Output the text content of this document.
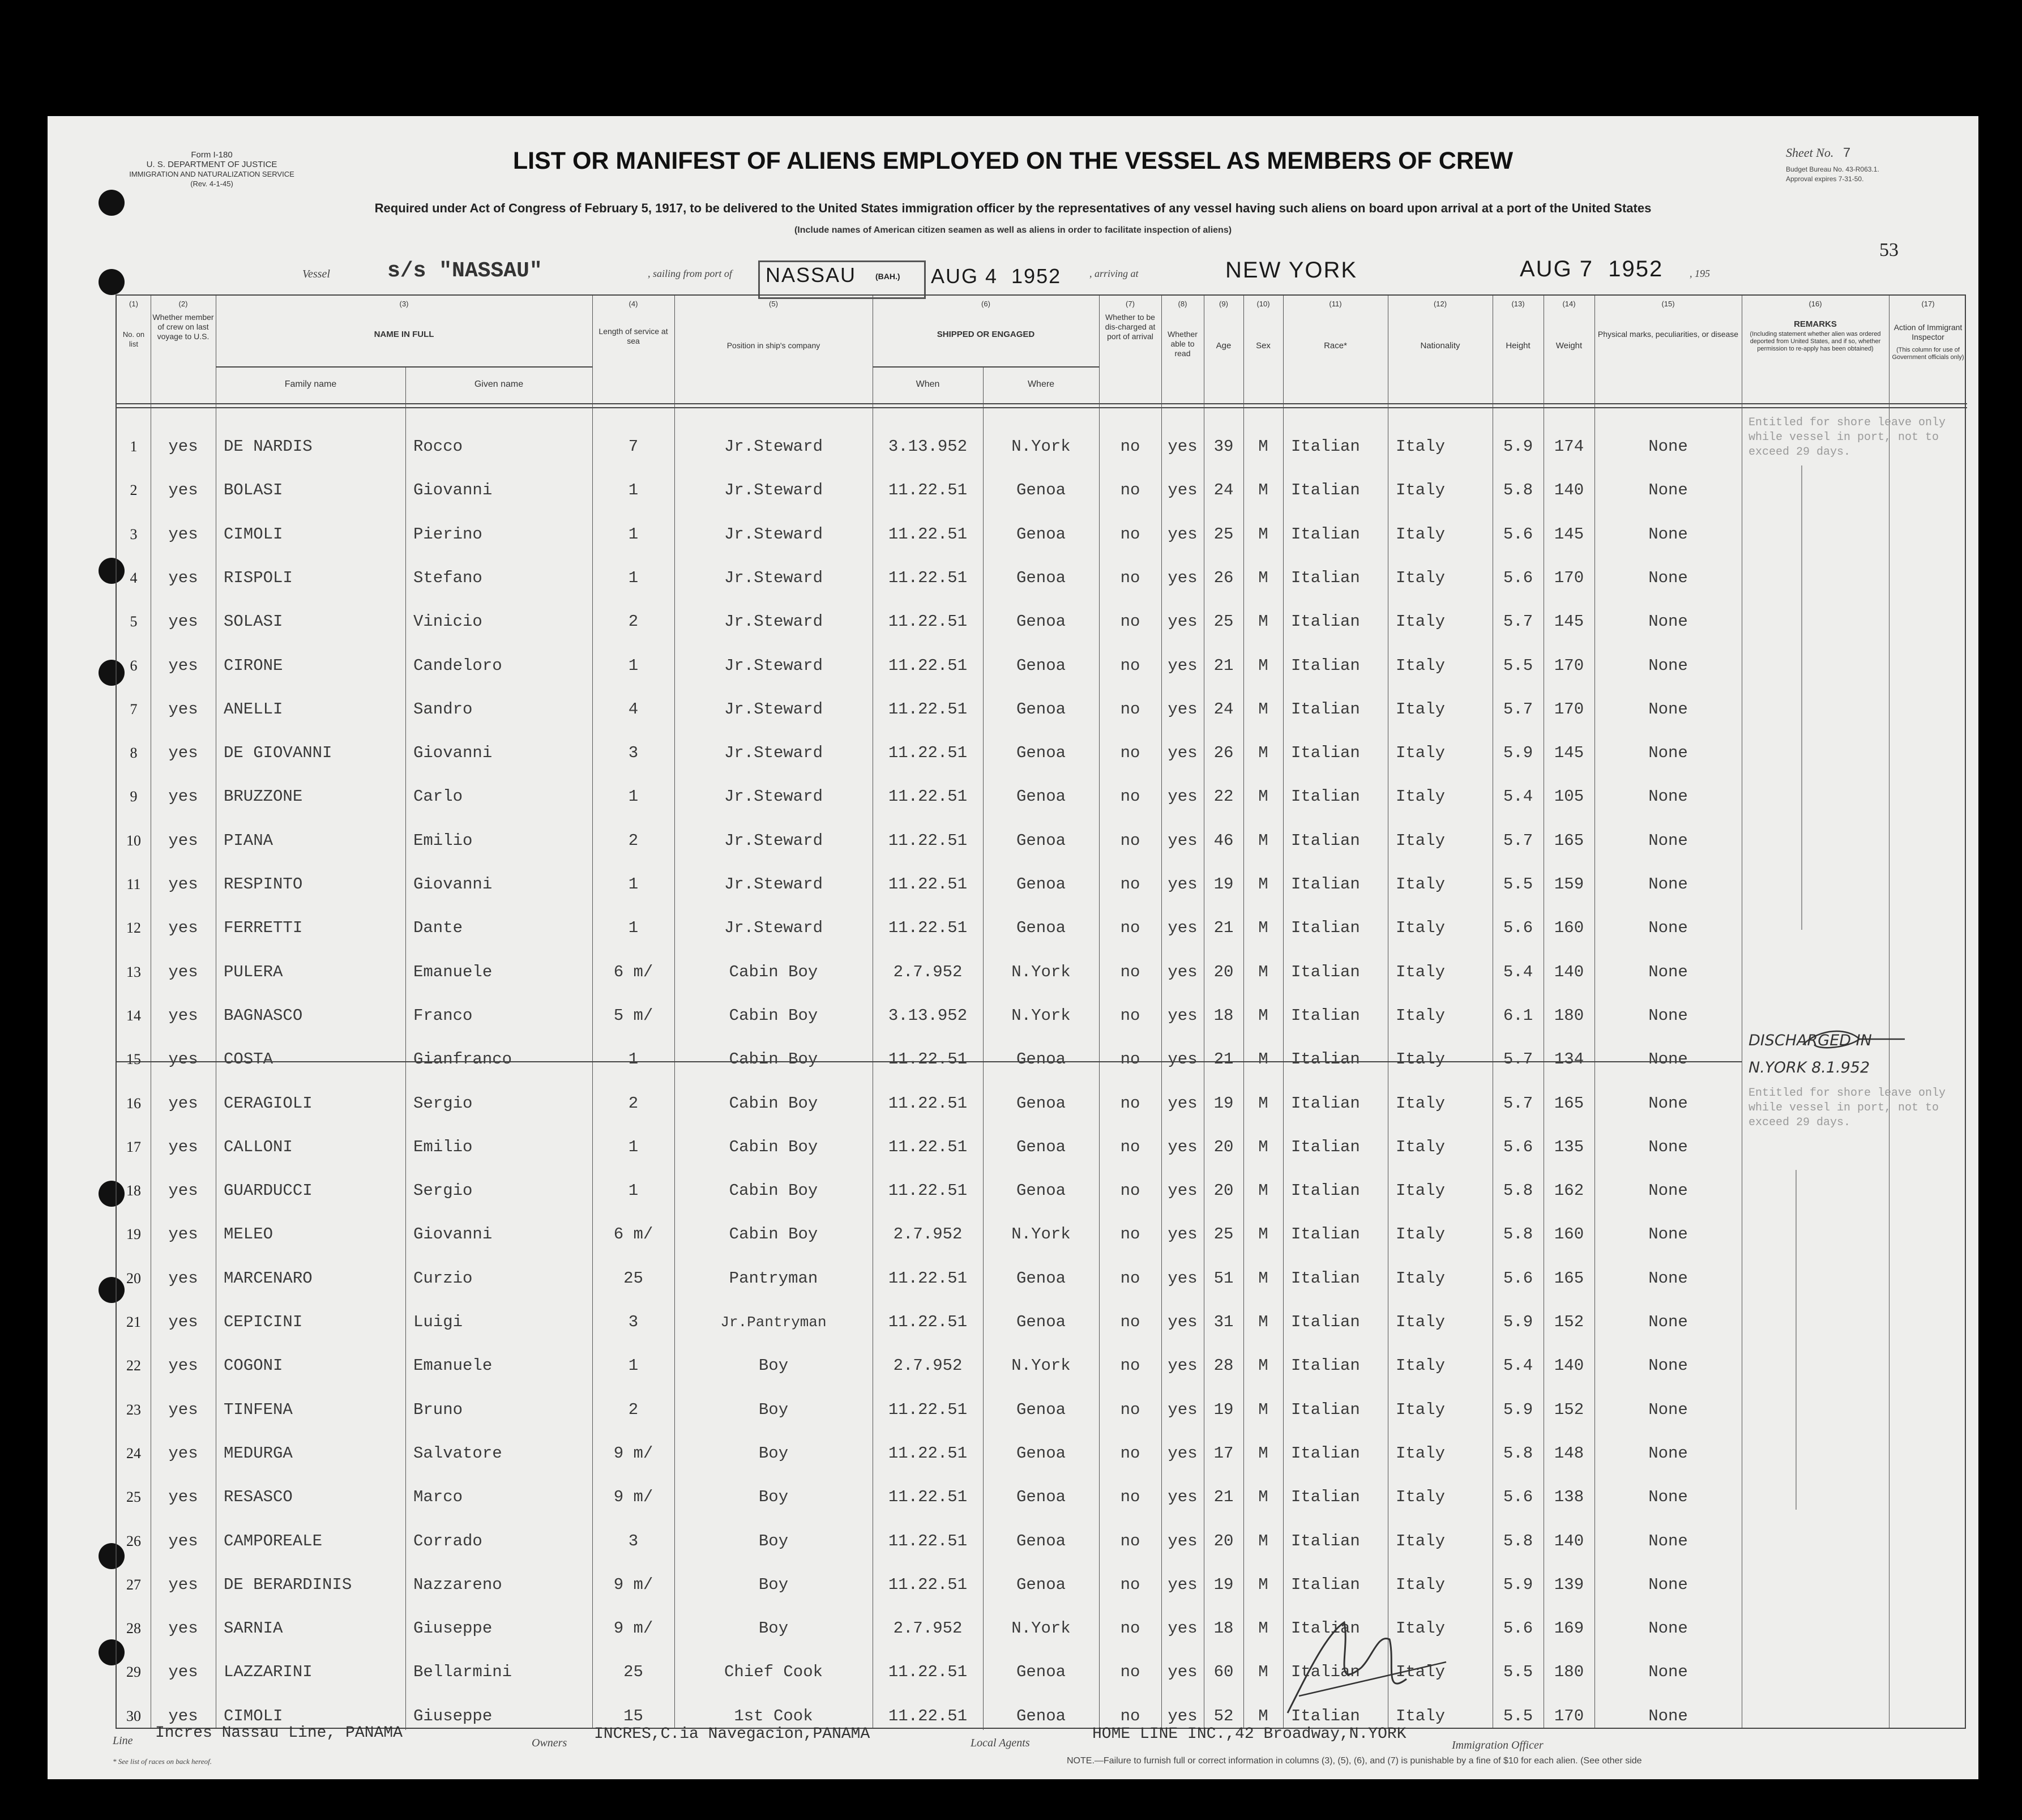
Form I-180
U. S. DEPARTMENT OF JUSTICE
IMMIGRATION AND NATURALIZATION SERVICE
(Rev. 4-1-45)
LIST OR MANIFEST OF ALIENS EMPLOYED ON THE VESSEL AS MEMBERS OF CREW
Required under Act of Congress of February 5, 1917, to be delivered to the United States immigration officer by the representatives of any vessel having such aliens on board upon arrival at a port of the United States
(Include names of American citizen seamen as well as aliens in order to facilitate inspection of aliens)
Sheet No. 7
Budget Bureau No. 43-R063.1.
Approval expires 7-31-50.
53
Vessel	s/s "NASSAU"	, sailing from port of NASSAU (BAH.) AUG 4  1952	, arriving at	NEW YORK	AUG 7  1952	, 195
(1)	(2)	(3)	(4)	(5)	(6)	(7)	(8)	(9)	(10)	(11)	(12)	(13)	(14)	(15)	(16)	(17)
No. on list
Whether member of crew on last voyage to U.S.	NAME IN FULL
Family name	Given name
Length of service at sea	Position in ship's company
SHIPPED OR ENGAGED
When	Where
Whether to be dis-charged at port of arrival	Whether able to read
Age	Sex	Race*	Nationality	Height	Weight
Physical marks, peculiarities, or disease
REMARKS
(Including statement whether alien was ordered deported from United States, and if so, whether permission to re-apply has been obtained)
Action of Immigrant Inspector
(This column for use of Government officials only)
1	yes	DE NARDIS	Rocco	7	Jr.Steward	3.13.952	N.York	no	yes 39	M	Italian	Italy	5.9	174	None
2	yes	BOLASI	Giovanni	1	Jr.Steward	11.22.51	Genoa	no	yes 24	M	Italian	Italy	5.8	140	None
3	yes	CIMOLI	Pierino	1	Jr.Steward	11.22.51	Genoa	no	yes 25	M	Italian	Italy	5.6	145	None
4	yes	RISPOLI	Stefano	1	Jr.Steward	11.22.51	Genoa	no	yes 26	M	Italian	Italy	5.6	170	None
5	yes	SOLASI	Vinicio	2	Jr.Steward	11.22.51	Genoa	no	yes 25	M	Italian	Italy	5.7	145	None
6	yes	CIRONE	Candeloro	1	Jr.Steward	11.22.51	Genoa	no	yes 21	M	Italian	Italy	5.5	170	None
7	yes	ANELLI	Sandro	4	Jr.Steward	11.22.51	Genoa	no	yes 24	M	Italian	Italy	5.7	170	None
8	yes	DE GIOVANNI	Giovanni	3	Jr.Steward	11.22.51	Genoa	no	yes 26	M	Italian	Italy	5.9	145	None
9	yes	BRUZZONE	Carlo	1	Jr.Steward	11.22.51	Genoa	no	yes 22	M	Italian	Italy	5.4	105	None
10	yes	PIANA	Emilio	2	Jr.Steward	11.22.51	Genoa	no	yes 46	M	Italian	Italy	5.7	165	None
11	yes	RESPINTO	Giovanni	1	Jr.Steward	11.22.51	Genoa	no	yes 19	M	Italian	Italy	5.5	159	None
12	yes	FERRETTI	Dante	1	Jr.Steward	11.22.51	Genoa	no	yes 21	M	Italian	Italy	5.6	160	None
13	yes	PULERA	Emanuele	6 m/	Cabin Boy	2.7.952	N.York	no	yes 20	M	Italian	Italy	5.4	140	None
14	yes	BAGNASCO	Franco	5 m/	Cabin Boy	3.13.952	N.York	no	yes 18	M	Italian	Italy	6.1	180	None
15	yes	COSTA	Gianfranco	1	Cabin Boy	11.22.51	Genoa	no	yes 21	M	Italian	Italy	5.7	134	None
16	yes	CERAGIOLI	Sergio	2	Cabin Boy	11.22.51	Genoa	no	yes 19	M	Italian	Italy	5.7	165	None
17	yes	CALLONI	Emilio	1	Cabin Boy	11.22.51	Genoa	no	yes 20	M	Italian	Italy	5.6	135	None
18	yes	GUARDUCCI	Sergio	1	Cabin Boy	11.22.51	Genoa	no	yes 20	M	Italian	Italy	5.8	162	None
19	yes	MELEO	Giovanni	6 m/	Cabin Boy	2.7.952	N.York	no	yes 25	M	Italian	Italy	5.8	160	None
20	yes	MARCENARO	Curzio	25	Pantryman	11.22.51	Genoa	no	yes 51	M	Italian	Italy	5.6	165	None
21	yes	CEPICINI	Luigi	3	Jr.Pantryman	11.22.51	Genoa	no	yes 31	M	Italian	Italy	5.9	152	None
22	yes	COGONI	Emanuele	1	Boy	2.7.952	N.York	no	yes 28	M	Italian	Italy	5.4	140	None
23	yes	TINFENA	Bruno	2	Boy	11.22.51	Genoa	no	yes 19	M	Italian	Italy	5.9	152	None
24	yes	MEDURGA	Salvatore	9 m/	Boy	11.22.51	Genoa	no	yes 17	M	Italian	Italy	5.8	148	None
25	yes	RESASCO	Marco	9 m/	Boy	11.22.51	Genoa	no	yes 21	M	Italian	Italy	5.6	138	None
26	yes	CAMPOREALE	Corrado	3	Boy	11.22.51	Genoa	no	yes 20	M	Italian	Italy	5.8	140	None
27	yes	DE BERARDINIS	Nazzareno	9 m/	Boy	11.22.51	Genoa	no	yes 19	M	Italian	Italy	5.9	139	None
28	yes	SARNIA	Giuseppe	9 m/	Boy	2.7.952	N.York	no	yes 18	M	Italian	Italy	5.6	169	None
29	yes	LAZZARINI	Bellarmini	25	Chief Cook	11.22.51	Genoa	no	yes 60	M	Italian	Italy	5.5	180	None
30	yes	CIMOLI	Giuseppe	15	1st Cook	11.22.51	Genoa	no	yes 52	M	Italian	Italy	5.5	170	None
Entitled for shore leave only while vessel in port, not to exceed 29 days.
DISCHARGED IN N.YORK 8.1.952
Entitled for shore leave only while vessel in port, not to exceed 29 days.
Line Incres Nassau Line, PANAMA
Owners INCRES,C.ia Navegacion,PANAMA	Local Agents	HOME LINE INC.,42 Broadway,N.YORK
Immigration Officer
* See list of races on back hereof.	NOTE.—Failure to furnish full or correct information in columns (3), (5), (6), and (7) is punishable by a fine of $10 for each alien. (See other side
